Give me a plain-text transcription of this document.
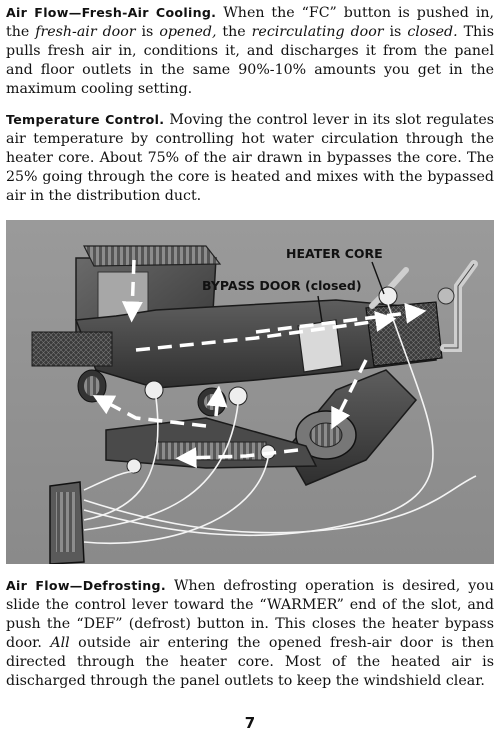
Air Flow—Fresh-Air Cooling. When the “FC” button is pushed in, the fresh-air door is opened, the recirculating door is closed. This pulls fresh air in, conditions it, and discharges it from the panel and floor outlets in the same 90%-10% amounts you get in the maximum cooling setting.

Temperature Control. Moving the control lever in its slot regulates air temperature by controlling hot water circulation through the heater core. About 75% of the air drawn in bypasses the core. The 25% going through the core is heated and mixes with the bypassed air in the distribution duct.

HEATER CORE
BYPASS DOOR (closed)

Air Flow—Defrosting. When defrosting operation is desired, you slide the control lever toward the “WARMER” end of the slot, and push the “DEF” (defrost) button in. This closes the heater bypass door. All outside air entering the opened fresh-air door is then directed through the heater core. Most of the heated air is discharged through the panel outlets to keep the windshield clear.

7
